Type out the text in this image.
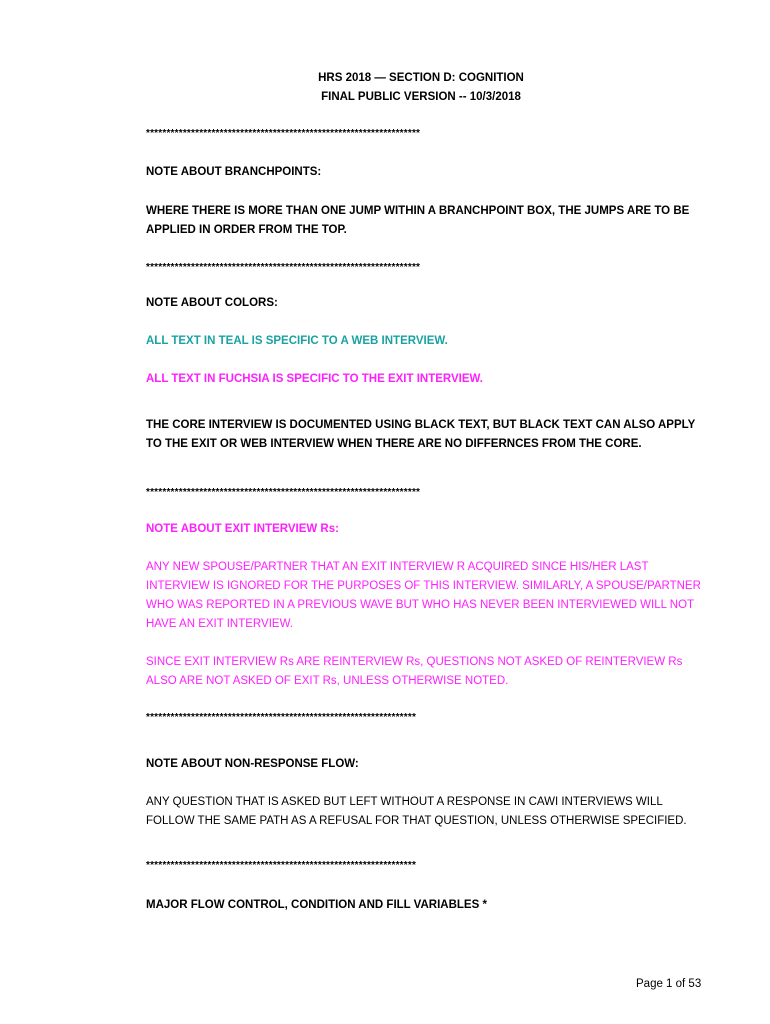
HRS 2018 — SECTION D: COGNITION
FINAL PUBLIC VERSION -- 10/3/2018
*******************************************************************
NOTE ABOUT BRANCHPOINTS:
WHERE THERE IS MORE THAN ONE JUMP WITHIN A BRANCHPOINT BOX, THE JUMPS ARE TO BE
APPLIED IN ORDER FROM THE TOP.
*******************************************************************
NOTE ABOUT COLORS:
ALL TEXT IN TEAL IS SPECIFIC TO A WEB INTERVIEW.
ALL TEXT IN FUCHSIA IS SPECIFIC TO THE EXIT INTERVIEW.
THE CORE INTERVIEW IS DOCUMENTED USING BLACK TEXT, BUT BLACK TEXT CAN ALSO APPLY
TO THE EXIT OR WEB INTERVIEW WHEN THERE ARE NO DIFFERNCES FROM THE CORE.
*******************************************************************
NOTE ABOUT EXIT INTERVIEW Rs:
ANY NEW SPOUSE/PARTNER THAT AN EXIT INTERVIEW R ACQUIRED SINCE HIS/HER LAST
INTERVIEW IS IGNORED FOR THE PURPOSES OF THIS INTERVIEW. SIMILARLY, A SPOUSE/PARTNER
WHO WAS REPORTED IN A PREVIOUS WAVE BUT WHO HAS NEVER BEEN INTERVIEWED WILL NOT
HAVE AN EXIT INTERVIEW.
SINCE EXIT INTERVIEW Rs ARE REINTERVIEW Rs, QUESTIONS NOT ASKED OF REINTERVIEW Rs
ALSO ARE NOT ASKED OF EXIT Rs, UNLESS OTHERWISE NOTED.
******************************************************************
NOTE ABOUT NON-RESPONSE FLOW:
ANY QUESTION THAT IS ASKED BUT LEFT WITHOUT A RESPONSE IN CAWI INTERVIEWS WILL
FOLLOW THE SAME PATH AS A REFUSAL FOR THAT QUESTION, UNLESS OTHERWISE SPECIFIED.
******************************************************************
MAJOR FLOW CONTROL, CONDITION AND FILL VARIABLES *
Page 1 of 53
